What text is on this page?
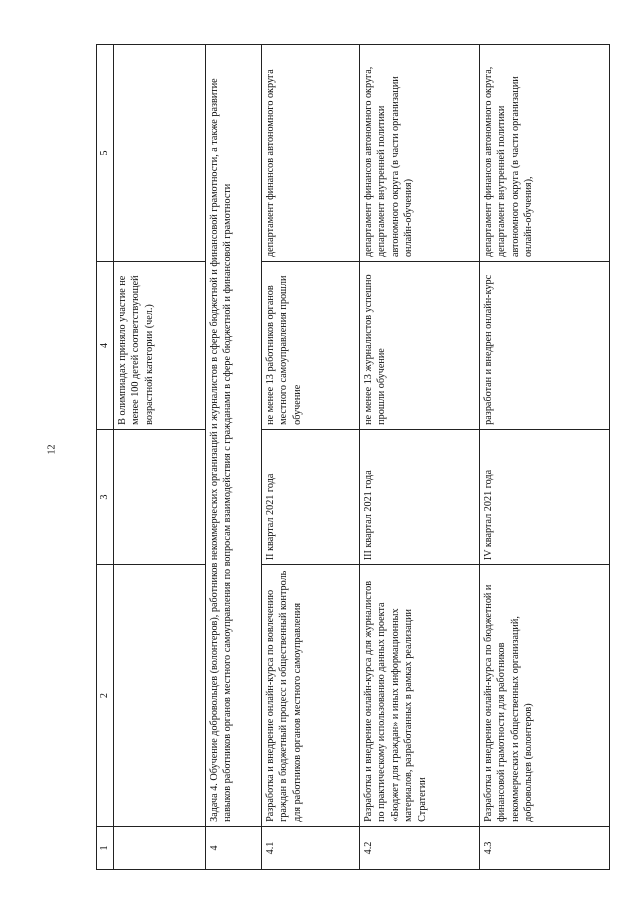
12
1	2	3	4	5
			В олимпиадах приняло участие не менее 100 детей соответствующей возрастной категории (чел.)	
4	Задача 4. Обучение добровольцев (волонтеров), работников некоммерческих организаций и журналистов в сфере бюджетной и финансовой грамотности, а также развитие навыков работников органов местного самоуправления по вопросам взаимодействия с гражданами в сфере бюджетной и финансовой грамотности			
4.1	Разработка и внедрение онлайн-курса по вовлечению граждан в бюджетный процесс и общественный контроль для работников органов местного самоуправления	II квартал 2021 года	не менее 13 работников органов местного самоуправления прошли обучение	департамент финансов автономного округа
4.2	Разработка и внедрение онлайн-курса для журналистов по практическому использованию данных проекта «Бюджет для граждан» и иных информационных материалов, разработанных в рамках реализации Стратегии	III квартал 2021 года	не менее 13 журналистов успешно прошли обучение	департамент финансов автономного округа, департамент внутренней политики автономного округа (в части организации онлайн-обучения)
4.3	Разработка и внедрение онлайн-курса по бюджетной и финансовой грамотности для работников некоммерческих и общественных организаций, добровольцев (волонтеров)	IV квартал 2021 года	разработан и внедрен онлайн-курс	департамент финансов автономного округа, департамент внутренней политики автономного округа (в части организации онлайн-обучения),
